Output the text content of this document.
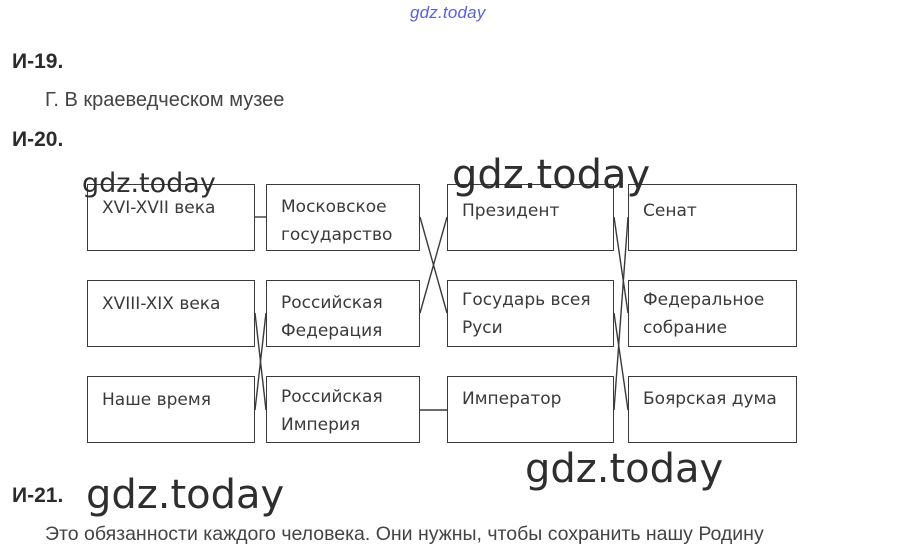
gdz.today
И-19.
Г. В краеведческом музее
И-20.
XVI-XVII века
XVIII-XIX века
Наше время
Московское
государство
Российская
Федерация
Российская
Империя
Президент
Государь всея
Руси
Император
Сенат
Федеральное
собрание
Боярская дума
gdz.today	gdz.today
gdz.today
И-21. gdz.today
Это обязанности каждого человека. Они нужны, чтобы сохранить нашу Родину
